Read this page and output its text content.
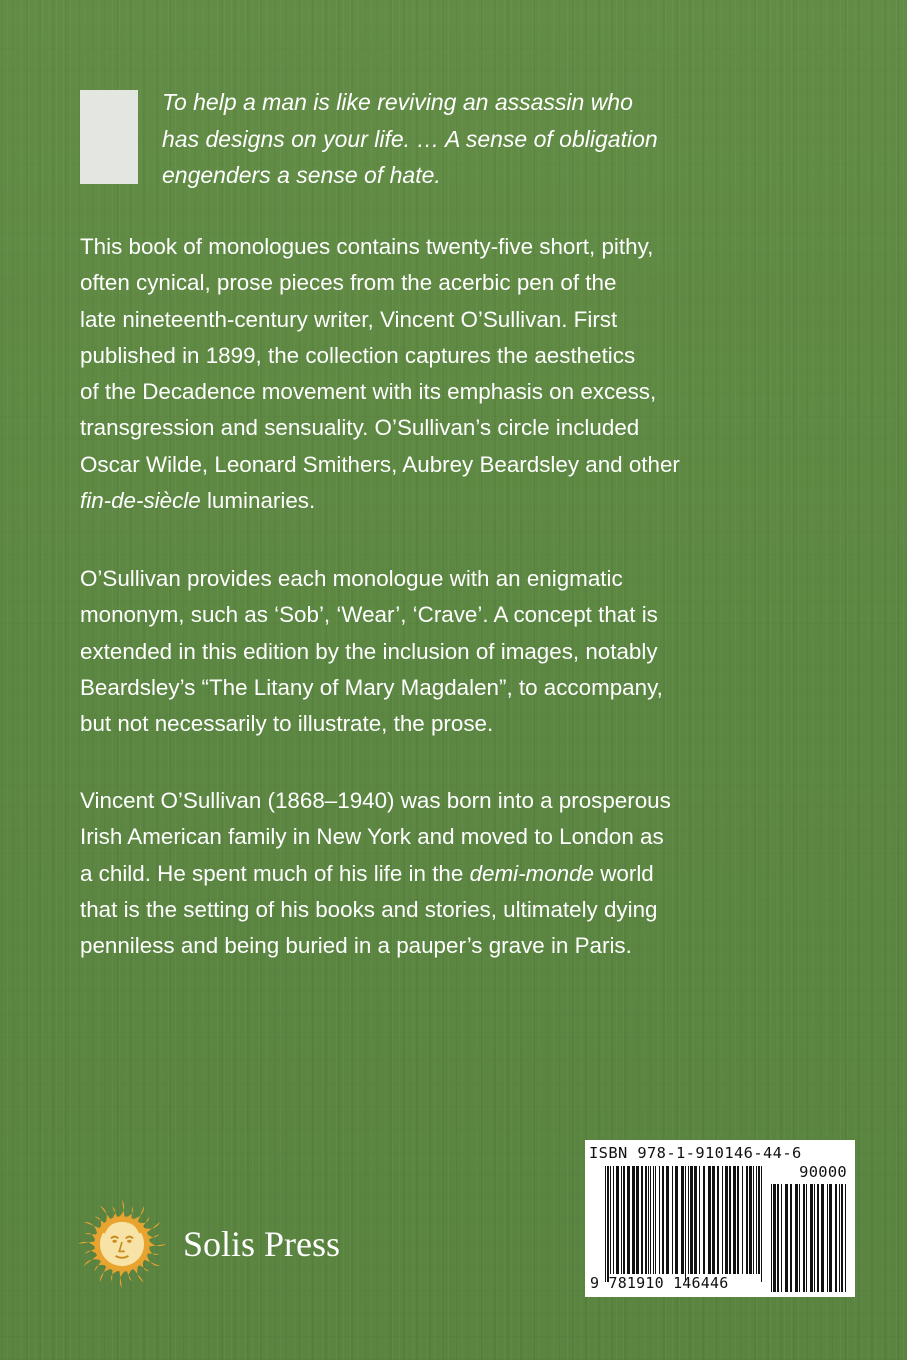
To help a man is like reviving an assassin who
has designs on your life. … A sense of obligation
engenders a sense of hate.

This book of monologues contains twenty-five short, pithy,
often cynical, prose pieces from the acerbic pen of the
late nineteenth-century writer, Vincent O’Sullivan. First
published in 1899, the collection captures the aesthetics
of the Decadence movement with its emphasis on excess,
transgression and sensuality. O’Sullivan’s circle included
Oscar Wilde, Leonard Smithers, Aubrey Beardsley and other
fin-de-siècle luminaries.

O’Sullivan provides each monologue with an enigmatic
mononym, such as ‘Sob’, ‘Wear’, ‘Crave’. A concept that is
extended in this edition by the inclusion of images, notably
Beardsley’s “The Litany of Mary Magdalen”, to accompany,
but not necessarily to illustrate, the prose.

Vincent O’Sullivan (1868–1940) was born into a prosperous
Irish American family in New York and moved to London as
a child. He spent much of his life in the demi-monde world
that is the setting of his books and stories, ultimately dying
penniless and being buried in a pauper’s grave in Paris.

Solis Press
ISBN 978-1-910146-44-6
90000
9 781910 146446
